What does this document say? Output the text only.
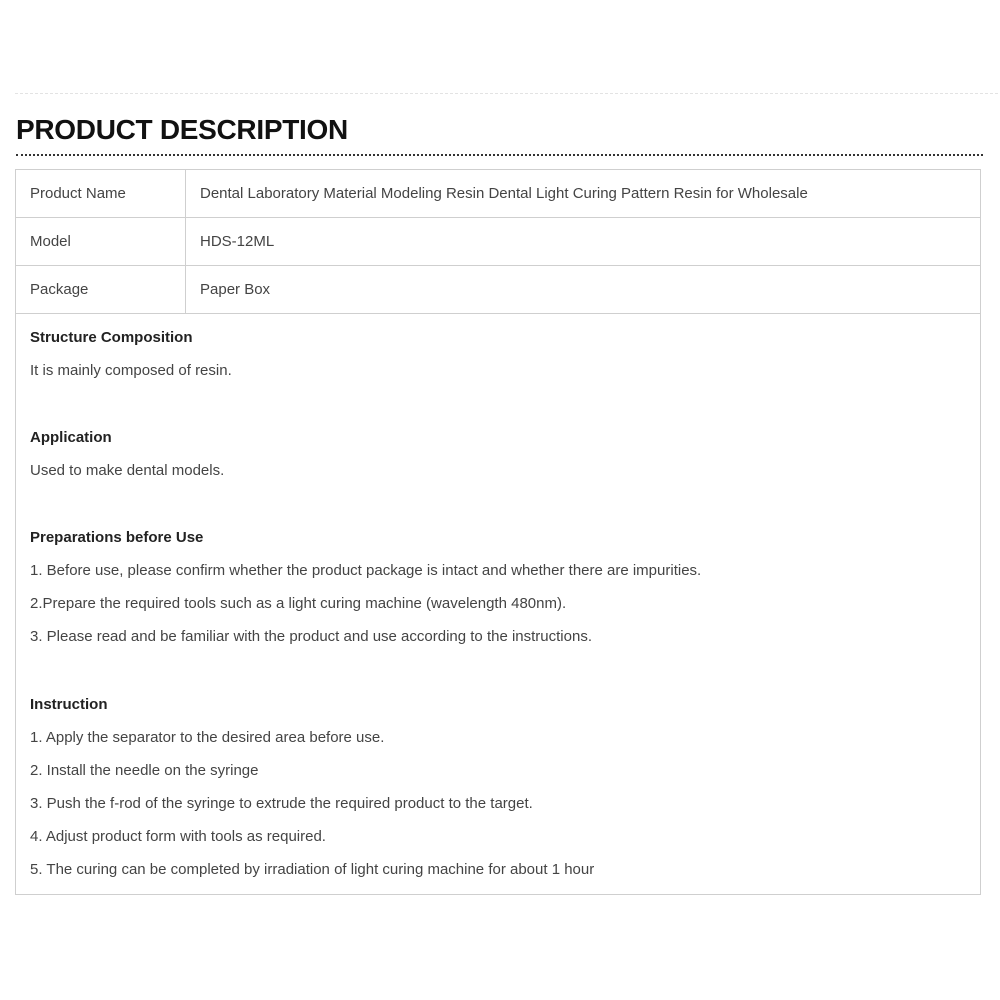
PRODUCT DESCRIPTION
Product Name	Dental Laboratory Material Modeling Resin Dental Light Curing Pattern Resin for Wholesale
Model	HDS-12ML
Package	Paper Box
Structure Composition
It is mainly composed of resin.
Application
Used to make dental models.
Preparations before Use
1. Before use, please confirm whether the product package is intact and whether there are impurities.
2.Prepare the required tools such as a light curing machine (wavelength 480nm).
3. Please read and be familiar with the product and use according to the instructions.
Instruction
1. Apply the separator to the desired area before use.
2. Install the needle on the syringe
3. Push the f-rod of the syringe to extrude the required product to the target.
4. Adjust product form with tools as required.
5. The curing can be completed by irradiation of light curing machine for about 1 hour
